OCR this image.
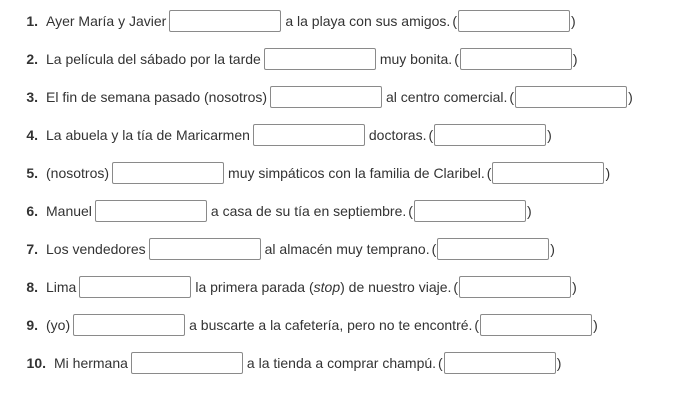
1. Ayer María y Javier	a la playa con sus amigos. (	)
2. La película del sábado por la tarde	muy bonita. (	)
3. El fin de semana pasado (nosotros)	al centro comercial. (	)
4. La abuela y la tía de Maricarmen	doctoras. (	)
5. (nosotros)	muy simpáticos con la familia de Claribel. (	)
6. Manuel	a casa de su tía en septiembre. (	)
7. Los vendedores	al almacén muy temprano. (	)
8. Lima	la primera parada (stop) de nuestro viaje. (	)
9. (yo)	a buscarte a la cafetería, pero no te encontré. (	)
10. Mi hermana	a la tienda a comprar champú. (	)
